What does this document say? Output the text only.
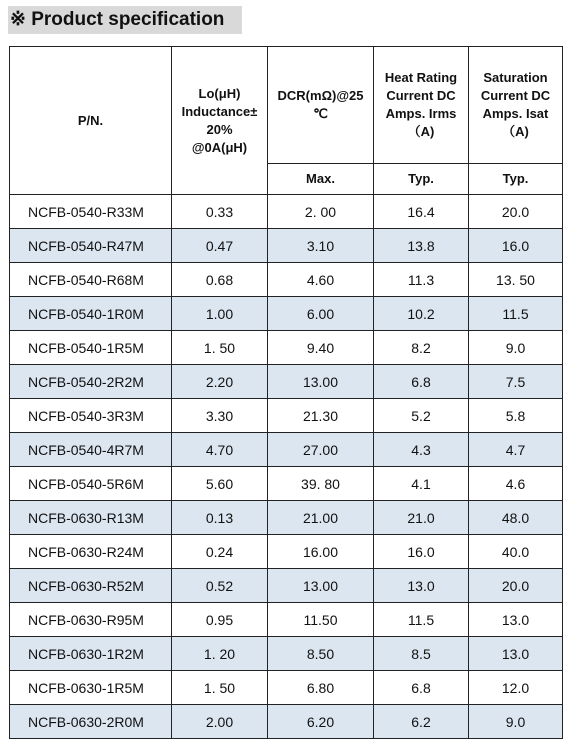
※ Product specification
P/N.	Lo(μH) Inductance± 20% @0A(μH)	DCR(mΩ)@25 ℃	Heat Rating Current DC Amps. Irms（A)	Saturation Current DC Amps. Isat（A)
		Max.	Typ.	Typ.
NCFB-0540-R33M	0.33	2. 00	16.4	20.0
NCFB-0540-R47M	0.47	3.10	13.8	16.0
NCFB-0540-R68M	0.68	4.60	11.3	13. 50
NCFB-0540-1R0M	1.00	6.00	10.2	11.5
NCFB-0540-1R5M	1. 50	9.40	8.2	9.0
NCFB-0540-2R2M	2.20	13.00	6.8	7.5
NCFB-0540-3R3M	3.30	21.30	5.2	5.8
NCFB-0540-4R7M	4.70	27.00	4.3	4.7
NCFB-0540-5R6M	5.60	39. 80	4.1	4.6
NCFB-0630-R13M	0.13	21.00	21.0	48.0
NCFB-0630-R24M	0.24	16.00	16.0	40.0
NCFB-0630-R52M	0.52	13.00	13.0	20.0
NCFB-0630-R95M	0.95	11.50	11.5	13.0
NCFB-0630-1R2M	1. 20	8.50	8.5	13.0
NCFB-0630-1R5M	1. 50	6.80	6.8	12.0
NCFB-0630-2R0M	2.00	6.20	6.2	9.0
